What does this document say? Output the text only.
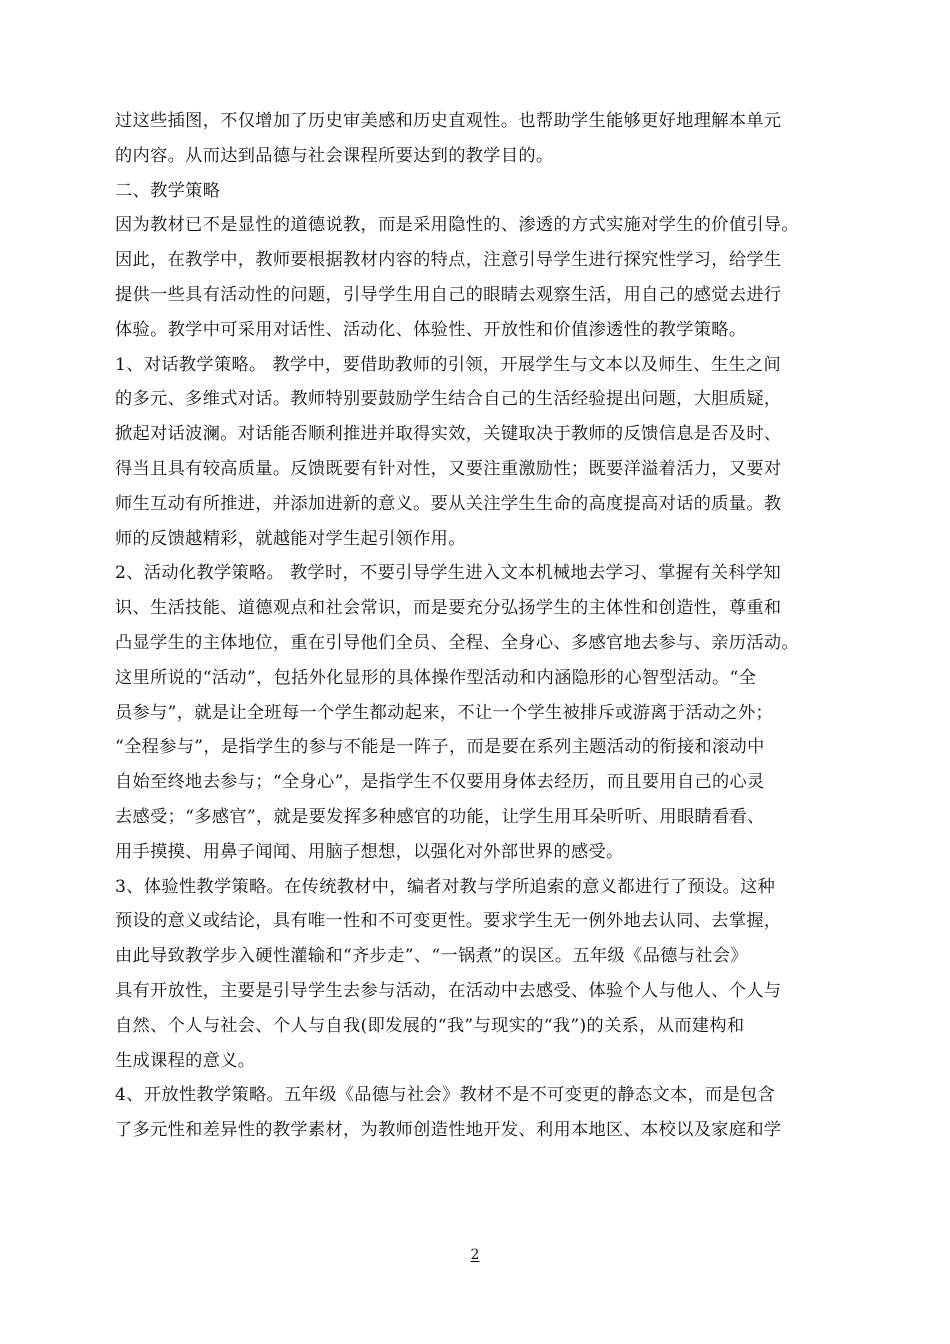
过这些插图，不仅增加了历史审美感和历史直观性。也帮助学生能够更好地理解本单元
的内容。从而达到品德与社会课程所要达到的教学目的。
二、教学策略
因为教材已不是显性的道德说教，而是采用隐性的、渗透的方式实施对学生的价值引导。
因此，在教学中，教师要根据教材内容的特点，注意引导学生进行探究性学习，给学生
提供一些具有活动性的问题，引导学生用自己的眼睛去观察生活，用自己的感觉去进行
体验。教学中可采用对话性、活动化、体验性、开放性和价值渗透性的教学策略。
1、对话教学策略。 教学中，要借助教师的引领，开展学生与文本以及师生、生生之间
的多元、多维式对话。教师特别要鼓励学生结合自己的生活经验提出问题，大胆质疑，
掀起对话波澜。对话能否顺利推进并取得实效，关键取决于教师的反馈信息是否及时、
得当且具有较高质量。反馈既要有针对性，又要注重激励性；既要洋溢着活力，又要对
师生互动有所推进，并添加进新的意义。要从关注学生生命的高度提高对话的质量。教
师的反馈越精彩，就越能对学生起引领作用。
2、活动化教学策略。 教学时，不要引导学生进入文本机械地去学习、掌握有关科学知
识、生活技能、道德观点和社会常识，而是要充分弘扬学生的主体性和创造性，尊重和
凸显学生的主体地位，重在引导他们全员、全程、全身心、多感官地去参与、亲历活动。
这里所说的“活动”，包括外化显形的具体操作型活动和内涵隐形的心智型活动。“全
员参与”，就是让全班每一个学生都动起来，不让一个学生被排斥或游离于活动之外；
“全程参与”，是指学生的参与不能是一阵子，而是要在系列主题活动的衔接和滚动中
自始至终地去参与；“全身心”，是指学生不仅要用身体去经历，而且要用自己的心灵
去感受；“多感官”，就是要发挥多种感官的功能，让学生用耳朵听听、用眼睛看看、
用手摸摸、用鼻子闻闻、用脑子想想，以强化对外部世界的感受。
3、体验性教学策略。在传统教材中，编者对教与学所追索的意义都进行了预设。这种
预设的意义或结论，具有唯一性和不可变更性。要求学生无一例外地去认同、去掌握，
由此导致教学步入硬性灌输和“齐步走”、“一锅煮”的误区。五年级《品德与社会》
具有开放性，主要是引导学生去参与活动，在活动中去感受、体验个人与他人、个人与
自然、个人与社会、个人与自我(即发展的“我”与现实的“我”)的关系，从而建构和
生成课程的意义。
4、开放性教学策略。五年级《品德与社会》教材不是不可变更的静态文本，而是包含
了多元性和差异性的教学素材，为教师创造性地开发、利用本地区、本校以及家庭和学
2
